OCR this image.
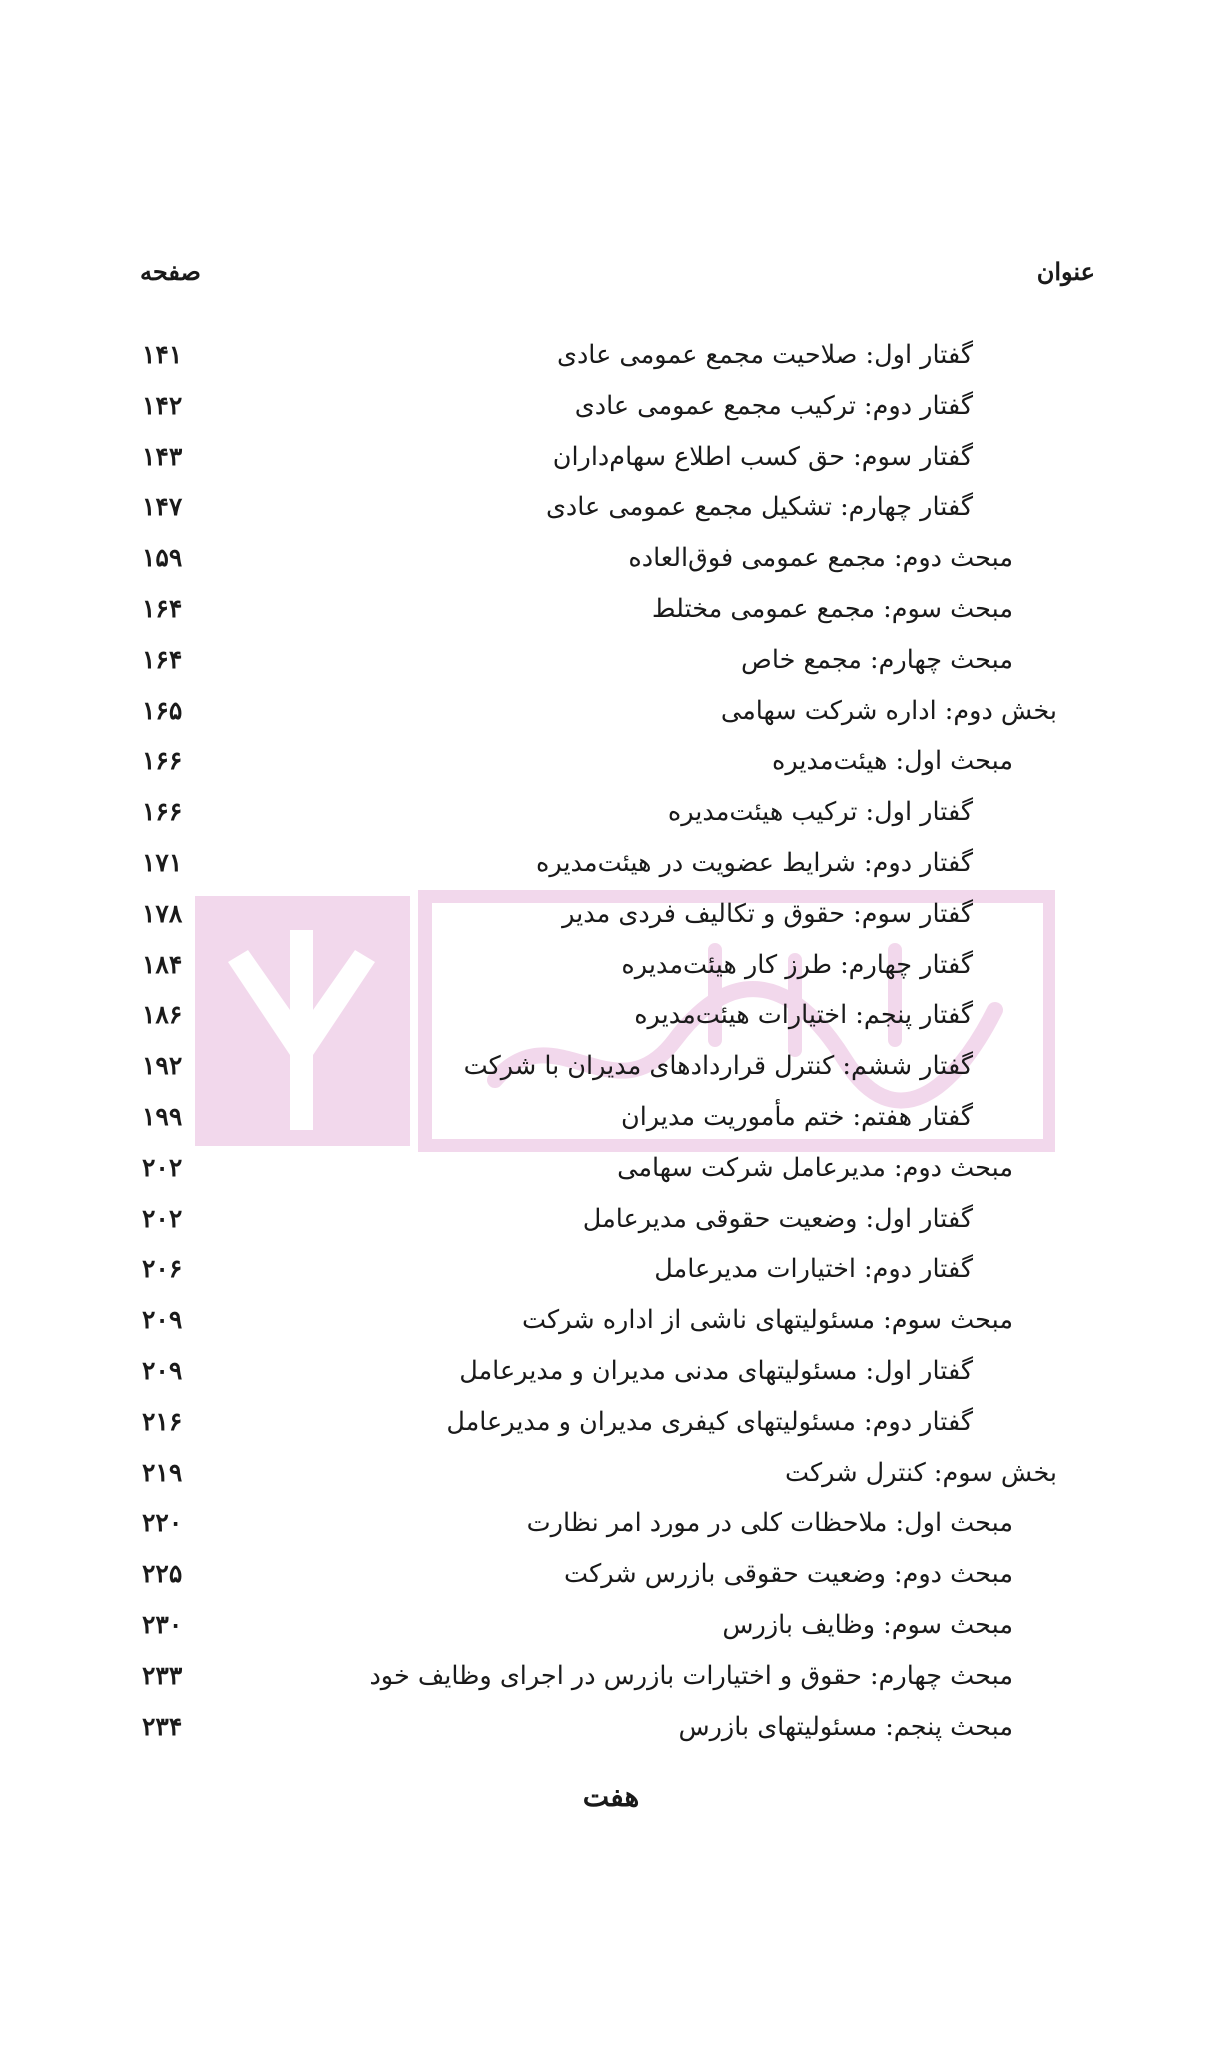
عنوان
صفحه
گفتار اول: صلاحیت مجمع عمومی عادی
۱۴۱
گفتار دوم: ترکیب مجمع عمومی عادی
۱۴۲
گفتار سوم: حق کسب اطلاع سهام‌داران
۱۴۳
گفتار چهارم: تشکیل مجمع عمومی عادی
۱۴۷
مبحث دوم: مجمع عمومی فوق‌العاده
۱۵۹
مبحث سوم: مجمع عمومی مختلط
۱۶۴
مبحث چهارم: مجمع خاص
۱۶۴
بخش دوم: اداره شرکت سهامی
۱۶۵
مبحث اول: هیئت‌مدیره
۱۶۶
گفتار اول: ترکیب هیئت‌مدیره
۱۶۶
گفتار دوم: شرایط عضویت در هیئت‌مدیره
۱۷۱
گفتار سوم: حقوق و تکالیف فردی مدیر
۱۷۸
گفتار چهارم: طرز کار هیئت‌مدیره
۱۸۴
گفتار پنجم: اختیارات هیئت‌مدیره
۱۸۶
گفتار ششم: کنترل قراردادهای مدیران با شرکت
۱۹۲
گفتار هفتم: ختم مأموریت مدیران
۱۹۹
مبحث دوم: مدیرعامل شرکت سهامی
۲۰۲
گفتار اول: وضعیت حقوقی مدیرعامل
۲۰۲
گفتار دوم: اختیارات مدیرعامل
۲۰۶
مبحث سوم: مسئولیتهای ناشی از اداره شرکت
۲۰۹
گفتار اول: مسئولیتهای مدنی مدیران و مدیرعامل
۲۰۹
گفتار دوم: مسئولیتهای کیفری مدیران و مدیرعامل
۲۱۶
بخش سوم: کنترل شرکت
۲۱۹
مبحث اول: ملاحظات کلی در مورد امر نظارت
۲۲۰
مبحث دوم: وضعیت حقوقی بازرس شرکت
۲۲۵
مبحث سوم: وظایف بازرس
۲۳۰
مبحث چهارم: حقوق و اختیارات بازرس در اجرای وظایف خود
۲۳۳
مبحث پنجم: مسئولیتهای بازرس
۲۳۴
هفت
